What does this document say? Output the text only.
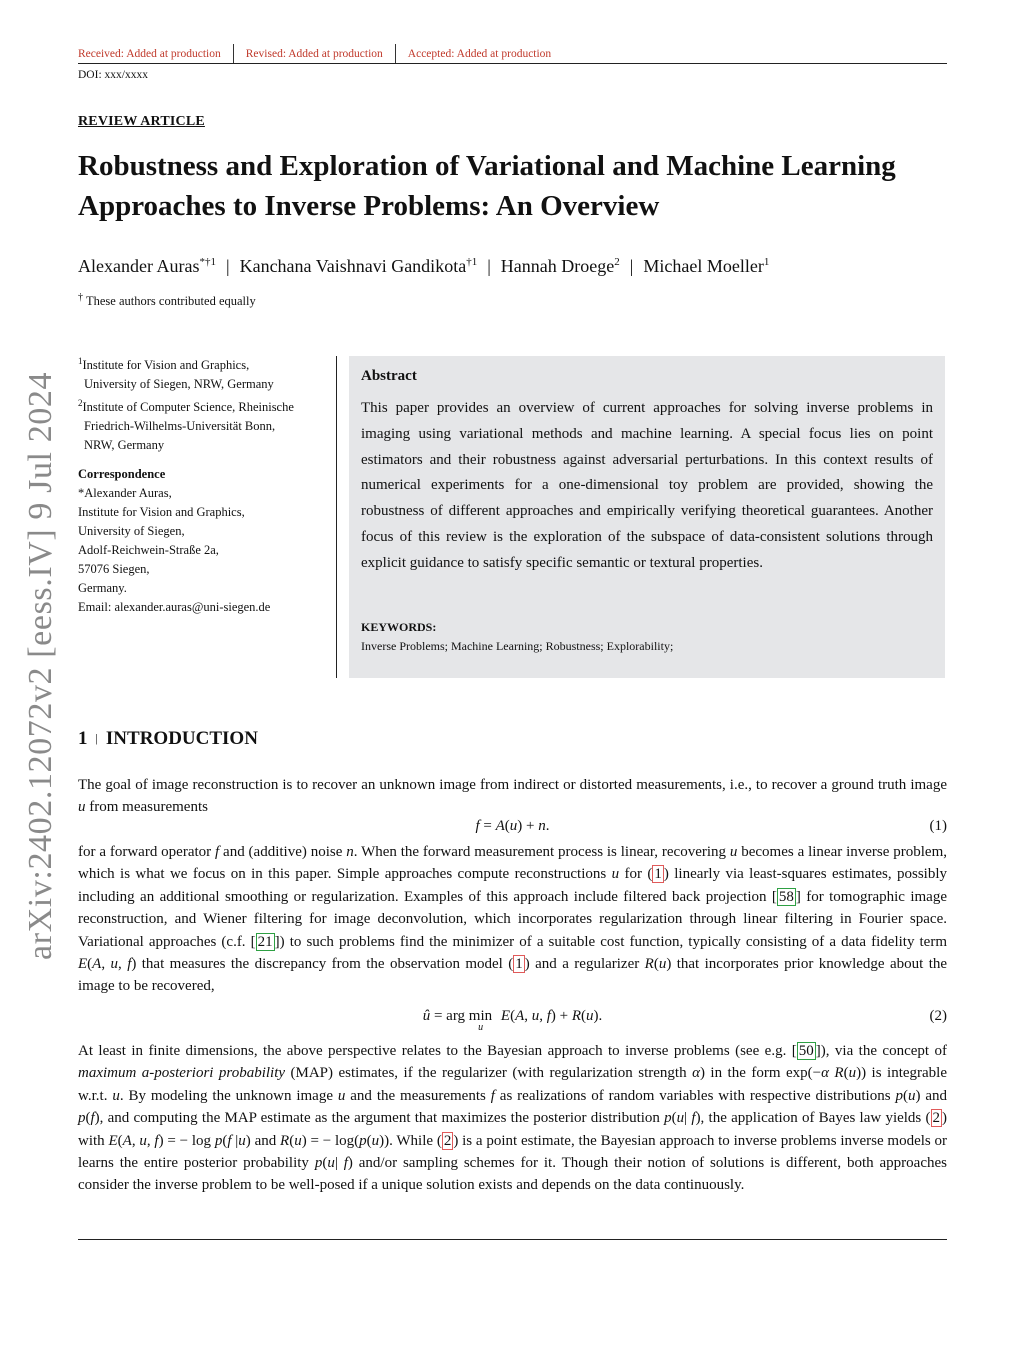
Received: Added at production Revised: Added at production Accepted: Added at production
DOI: xxx/xxxx
REVIEW ARTICLE
Robustness and Exploration of Variational and Machine Learning Approaches to Inverse Problems: An Overview
Alexander Auras$^{*\dagger 1}$ | Kanchana Vaishnavi Gandikota$^{\dagger 1}$ | Hannah Droege$^2$ | Michael Moeller$^1$
† These authors contributed equally
$^1$Institute for Vision and Graphics,
University of Siegen, NRW, Germany
$^2$Institute of Computer Science, Rheinische
Friedrich-Wilhelms-Universität Bonn,
NRW, Germany
Correspondence
*Alexander Auras,
Institute for Vision and Graphics,
University of Siegen,
Adolf-Reichwein-Straße 2a,
57076 Siegen,
Germany.
Email: alexander.auras@uni-siegen.de
Abstract
This paper provides an overview of current approaches for solving inverse problems in imaging using variational methods and machine learning. A special focus lies on point estimators and their robustness against adversarial perturbations. In this context results of numerical experiments for a one-dimensional toy problem are provided, showing the robustness of different approaches and empirically verifying theoretical guarantees. Another focus of this review is the exploration of the subspace of data-consistent solutions through explicit guidance to satisfy specific semantic or textural properties.
KEYWORDS:
Inverse Problems; Machine Learning; Robustness; Explorability;
arXiv:2402.12072v2 [eess.IV] 9 Jul 2024 1 | INTRODUCTION
The goal of image reconstruction is to recover an unknown image from indirect or distorted measurements, i.e., to recover a ground truth image u from measurements
f = A(u) + n.	(1)
for a forward operator f and (additive) noise n. When the forward measurement process is linear, recovering u becomes a linear inverse problem, which is what we focus on in this paper. Simple approaches compute reconstructions u for ( 1 ) linearly via least-squares estimates, possibly including an additional smoothing or regularization. Examples of this approach include filtered back projection [ 58 ] for tomographic image reconstruction, and Wiener filtering for image deconvolution, which incorporates regularization through linear filtering in Fourier space. Variational approaches (c.f. [ 21 ]) to such problems find the minimizer of a suitable cost function, typically consisting of a data fidelity term E(A, u, f) that measures the discrepancy from the observation model ( 1 ) and a regularizer R(u) that incorporates prior knowledge about the image to be recovered,
û = arg $\min_u E(A$, u, f) + R(u).	(2)
At least in finite dimensions, the above perspective relates to the Bayesian approach to inverse problems (see e.g. [ 50 ]), via the concept of maximum a-posteriori probability (MAP) estimates, if the regularizer (with regularization strength α) in the form exp(−α R(u)) is integrable w.r.t. u. By modeling the unknown image u and the measurements f as realizations of random variables with respective distributions p(u) and p(f), and computing the MAP estimate as the argument that maximizes the posterior distribution p(u| f), the application of Bayes law yields ( 2 ) with E(A, u, f) = − log p(f |u) and R(u) = − log(p(u)). While ( 2 ) is a point estimate, the Bayesian approach to inverse problems inverse models or learns the entire posterior probability p(u| f) and/or sampling schemes for it. Though their notion of solutions is different, both approaches consider the inverse problem to be well-posed if a unique solution exists and depends on the data continuously.
